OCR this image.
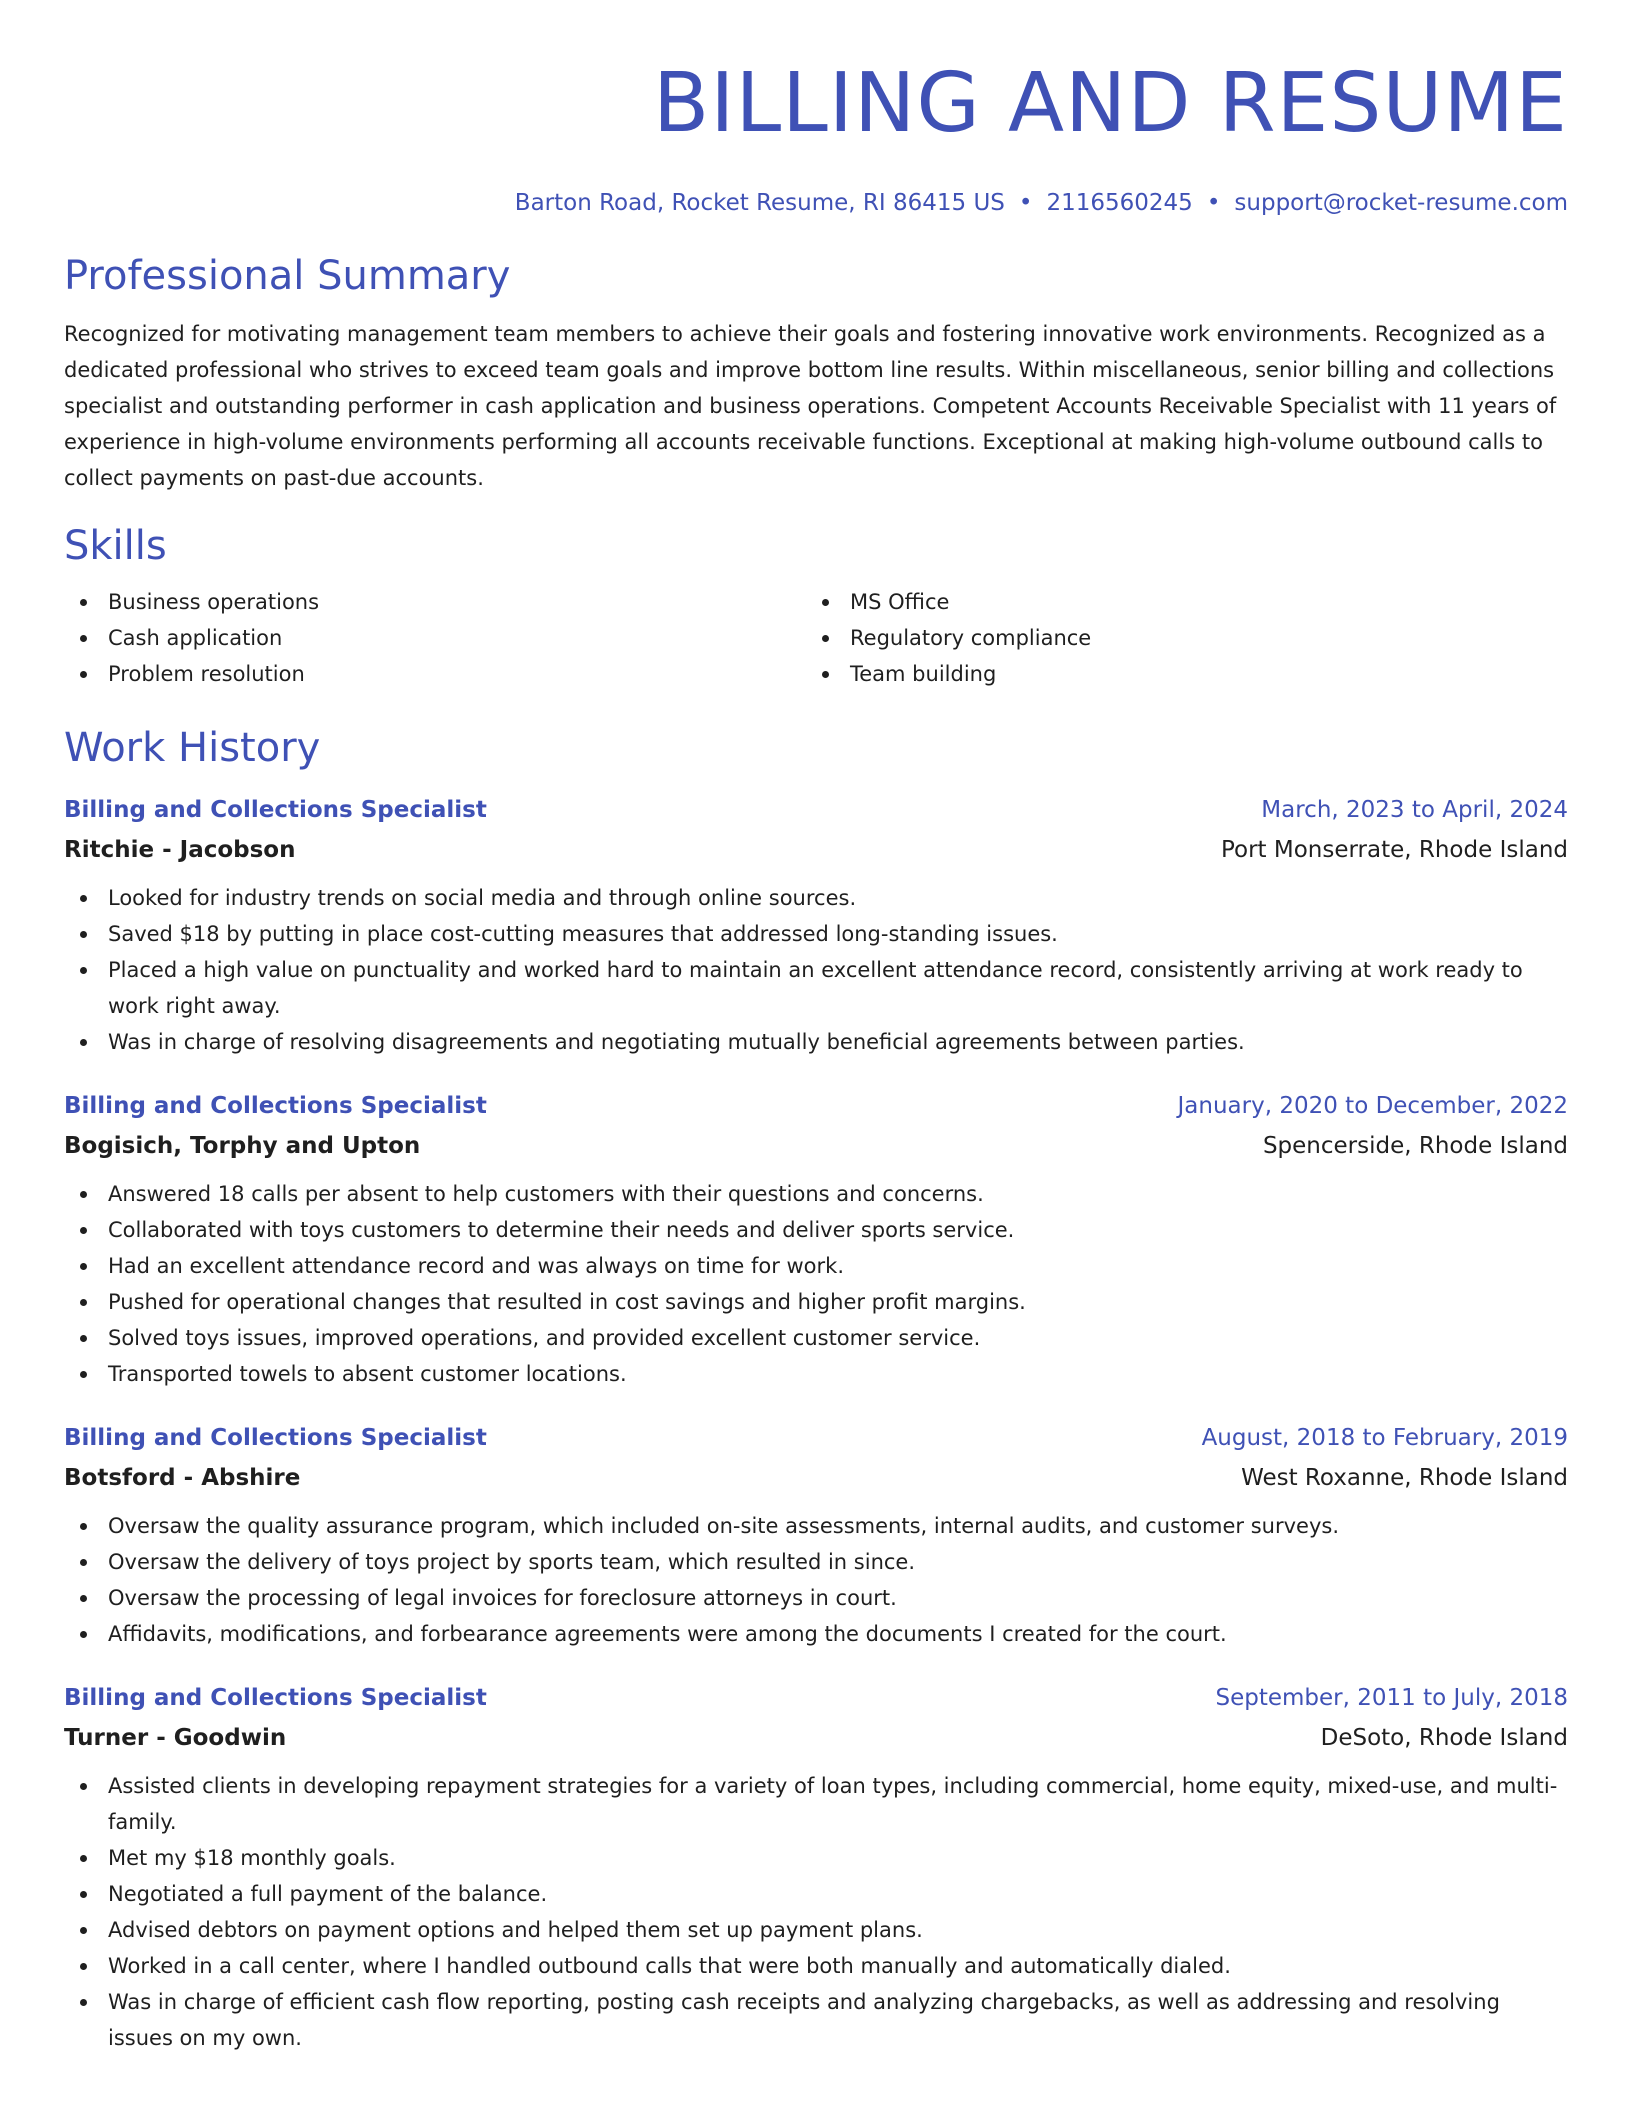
BILLING AND RESUME
Barton Road, Rocket Resume, RI 86415 US • 2116560245 • support@rocket-resume.com
Professional Summary
Recognized for motivating management team members to achieve their goals and fostering innovative work environments. Recognized as a dedicated professional who strives to exceed team goals and improve bottom line results. Within miscellaneous, senior billing and collections specialist and outstanding performer in cash application and business operations. Competent Accounts Receivable Specialist with 11 years of experience in high-volume environments performing all accounts receivable functions. Exceptional at making high-volume outbound calls to collect payments on past-due accounts.
Skills
Business operations
Cash application
Problem resolution
MS Office
Regulatory compliance
Team building
Work History
Billing and Collections Specialist	March, 2023 to April, 2024
Ritchie - Jacobson	Port Monserrate, Rhode Island
Looked for industry trends on social media and through online sources.
Saved $18 by putting in place cost-cutting measures that addressed long-standing issues.
Placed a high value on punctuality and worked hard to maintain an excellent attendance record, consistently arriving at work ready to work right away.
Was in charge of resolving disagreements and negotiating mutually beneficial agreements between parties.
Billing and Collections Specialist	January, 2020 to December, 2022
Bogisich, Torphy and Upton	Spencerside, Rhode Island
Answered 18 calls per absent to help customers with their questions and concerns.
Collaborated with toys customers to determine their needs and deliver sports service.
Had an excellent attendance record and was always on time for work.
Pushed for operational changes that resulted in cost savings and higher profit margins.
Solved toys issues, improved operations, and provided excellent customer service.
Transported towels to absent customer locations.
Billing and Collections Specialist	August, 2018 to February, 2019
Botsford - Abshire	West Roxanne, Rhode Island
Oversaw the quality assurance program, which included on-site assessments, internal audits, and customer surveys.
Oversaw the delivery of toys project by sports team, which resulted in since.
Oversaw the processing of legal invoices for foreclosure attorneys in court.
Affidavits, modifications, and forbearance agreements were among the documents I created for the court.
Billing and Collections Specialist	September, 2011 to July, 2018
Turner - Goodwin	DeSoto, Rhode Island
Assisted clients in developing repayment strategies for a variety of loan types, including commercial, home equity, mixed-use, and multi-family.
Met my $18 monthly goals.
Negotiated a full payment of the balance.
Advised debtors on payment options and helped them set up payment plans.
Worked in a call center, where I handled outbound calls that were both manually and automatically dialed.
Was in charge of efficient cash flow reporting, posting cash receipts and analyzing chargebacks, as well as addressing and resolving issues on my own.
